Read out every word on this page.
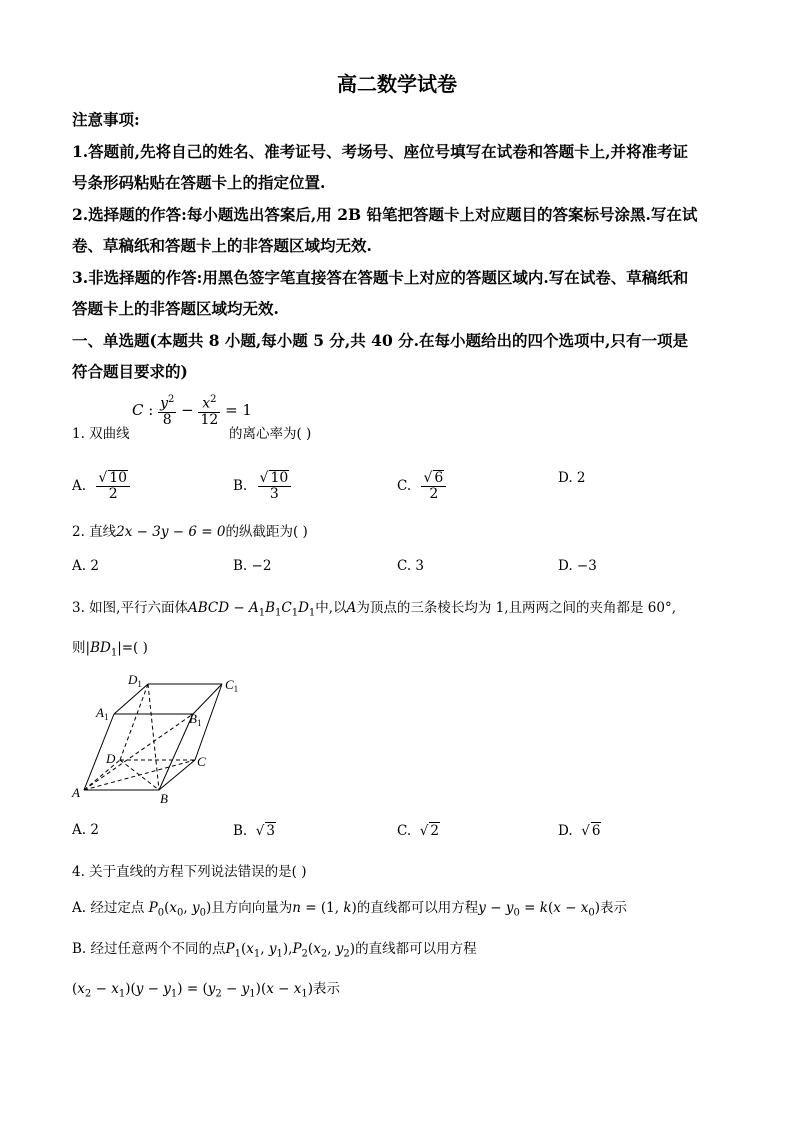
高二数学试卷
注意事项:
1.答题前,先将自己的姓名、准考证号、考场号、座位号填写在试卷和答题卡上,并将准考证
号条形码粘贴在答题卡上的指定位置.
2.选择题的作答:每小题选出答案后,用 2B 铅笔把答题卡上对应题目的答案标号涂黑.写在试
卷、草稿纸和答题卡上的非答题区域均无效.
3.非选择题的作答:用黑色签字笔直接答在答题卡上对应的答题区域内.写在试卷、草稿纸和
答题卡上的非答题区域均无效.
一、单选题(本题共 8 小题,每小题 5 分,共 40 分.在每小题给出的四个选项中,只有一项是
符合题目要求的)
1. 双曲线
C : $\frac{y^2}{8} - \frac{x^2}{12} = 1$
的离心率为( )
A. $\frac{√ 10}{2}$	B. $\frac{√ 10}{3}$	C. $\frac{√ 6}{2}$	D. 2
2. 直线2x − 3y − 6 = 0的纵截距为( )
A. 2	B. −2	C. 3	D. −3
3. 如图,平行六面体ABCD − $A_1B_1C_1D_1$中,以A为顶点的三条棱长均为 1,且两两之间的夹角都是 60°,
则$|BD_1|=$( )
$D_1$	$C_1$
$A_1$	$B_1$
D	C
A	B
A. 2	B.  √ 3	C.  √ 2	D.  √ 6
4. 关于直线的方程下列说法错误的是( )
A. 经过定点 $P_0(x_0$, $y_0$)且方向向量为n = (1, k)的直线都可以用方程$y - y_0 = k(x - x_0)$表示
B. 经过任意两个不同的点$P_1(x_1$, $y_1),P_2(x_2$, $y_2$)的直线都可以用方程
$(x_2 - x_1)(y - y_1) = (y_2 - y_1)(x - x_1)$表示
